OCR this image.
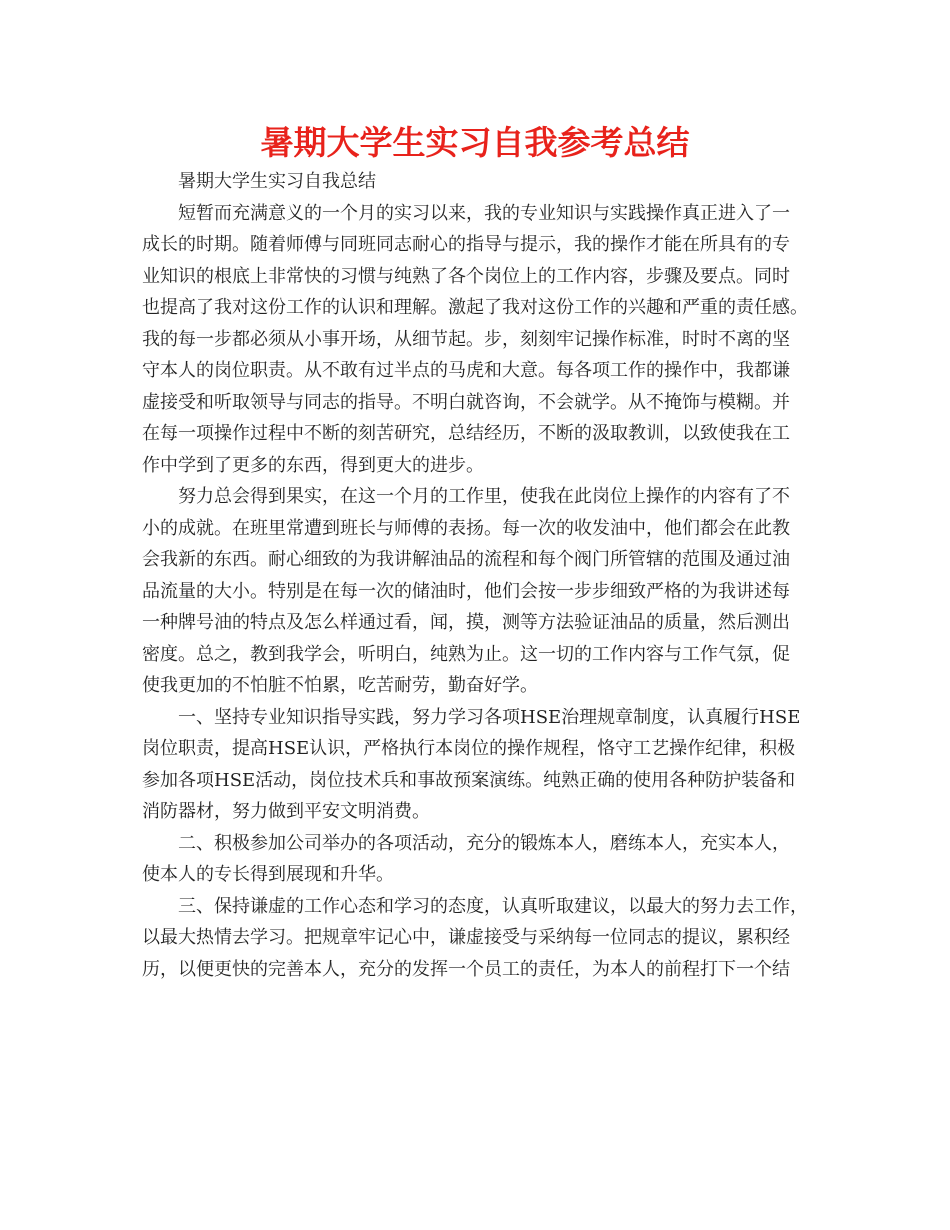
暑期大学生实习自我参考总结
暑期大学生实习自我总结
短暂而充满意义的一个月的实习以来，我的专业知识与实践操作真正进入了一
成长的时期。随着师傅与同班同志耐心的指导与提示，我的操作才能在所具有的专
业知识的根底上非常快的习惯与纯熟了各个岗位上的工作内容，步骤及要点。同时
也提高了我对这份工作的认识和理解。激起了我对这份工作的兴趣和严重的责任感。
我的每一步都必须从小事开场，从细节起。步，刻刻牢记操作标准，时时不离的坚
守本人的岗位职责。从不敢有过半点的马虎和大意。每各项工作的操作中，我都谦
虚接受和听取领导与同志的指导。不明白就咨询，不会就学。从不掩饰与模糊。并
在每一项操作过程中不断的刻苦研究，总结经历，不断的汲取教训，以致使我在工
作中学到了更多的东西，得到更大的进步。
努力总会得到果实，在这一个月的工作里，使我在此岗位上操作的内容有了不
小的成就。在班里常遭到班长与师傅的表扬。每一次的收发油中，他们都会在此教
会我新的东西。耐心细致的为我讲解油品的流程和每个阀门所管辖的范围及通过油
品流量的大小。特别是在每一次的储油时，他们会按一步步细致严格的为我讲述每
一种牌号油的特点及怎么样通过看，闻，摸，测等方法验证油品的质量，然后测出
密度。总之，教到我学会，听明白，纯熟为止。这一切的工作内容与工作气氛，促
使我更加的不怕脏不怕累，吃苦耐劳，勤奋好学。
一、坚持专业知识指导实践，努力学习各项HSE治理规章制度，认真履行HSE
岗位职责，提高HSE认识，严格执行本岗位的操作规程，恪守工艺操作纪律，积极
参加各项HSE活动，岗位技术兵和事故预案演练。纯熟正确的使用各种防护装备和
消防器材，努力做到平安文明消费。
二、积极参加公司举办的各项活动，充分的锻炼本人，磨练本人，充实本人，
使本人的专长得到展现和升华。
三、保持谦虚的工作心态和学习的态度，认真听取建议，以最大的努力去工作，
以最大热情去学习。把规章牢记心中，谦虚接受与采纳每一位同志的提议，累积经
历，以便更快的完善本人，充分的发挥一个员工的责任，为本人的前程打下一个结
